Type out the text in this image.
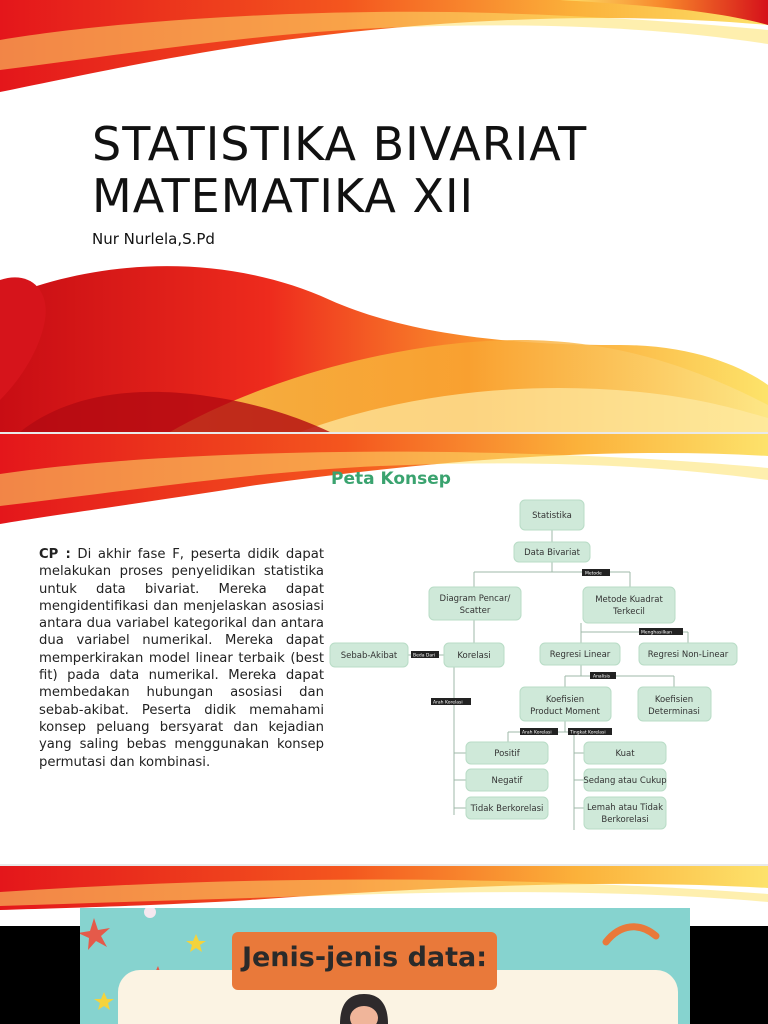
STATISTIKA BIVARIAT
MATEMATIKA XII
Nur Nurlela,S.Pd
CP : Di akhir fase F, peserta didik dapat melakukan proses penyelidikan statistika untuk data bivariat. Mereka dapat mengidentifikasi dan menjelaskan asosiasi antara dua variabel kategorikal dan antara dua variabel numerikal. Mereka dapat memperkirakan model linear terbaik (best fit) pada data numerikal. Mereka dapat membedakan hubungan asosiasi dan sebab-akibat. Peserta didik memahami konsep peluang bersyarat dan kejadian yang saling bebas menggunakan konsep permutasi dan kombinasi.
Peta Konsep
Metode
Menghasilkan
Beda Dari
Analisis
Arah Korelasi
Arah Korelasi	Tingkat Korelasi
Statistika
Data Bivariat
Diagram Pencar/
Scatter
Metode Kuadrat
Terkecil
Sebab-Akibat	Korelasi	Regresi Linear	Regresi Non-Linear
Koefisien
Product Moment
Koefisien
Determinasi
Positif
Negatif
Tidak Berkorelasi
Kuat
Sedang atau Cukup
Lemah atau Tidak
Berkorelasi
Jenis-jenis data:
